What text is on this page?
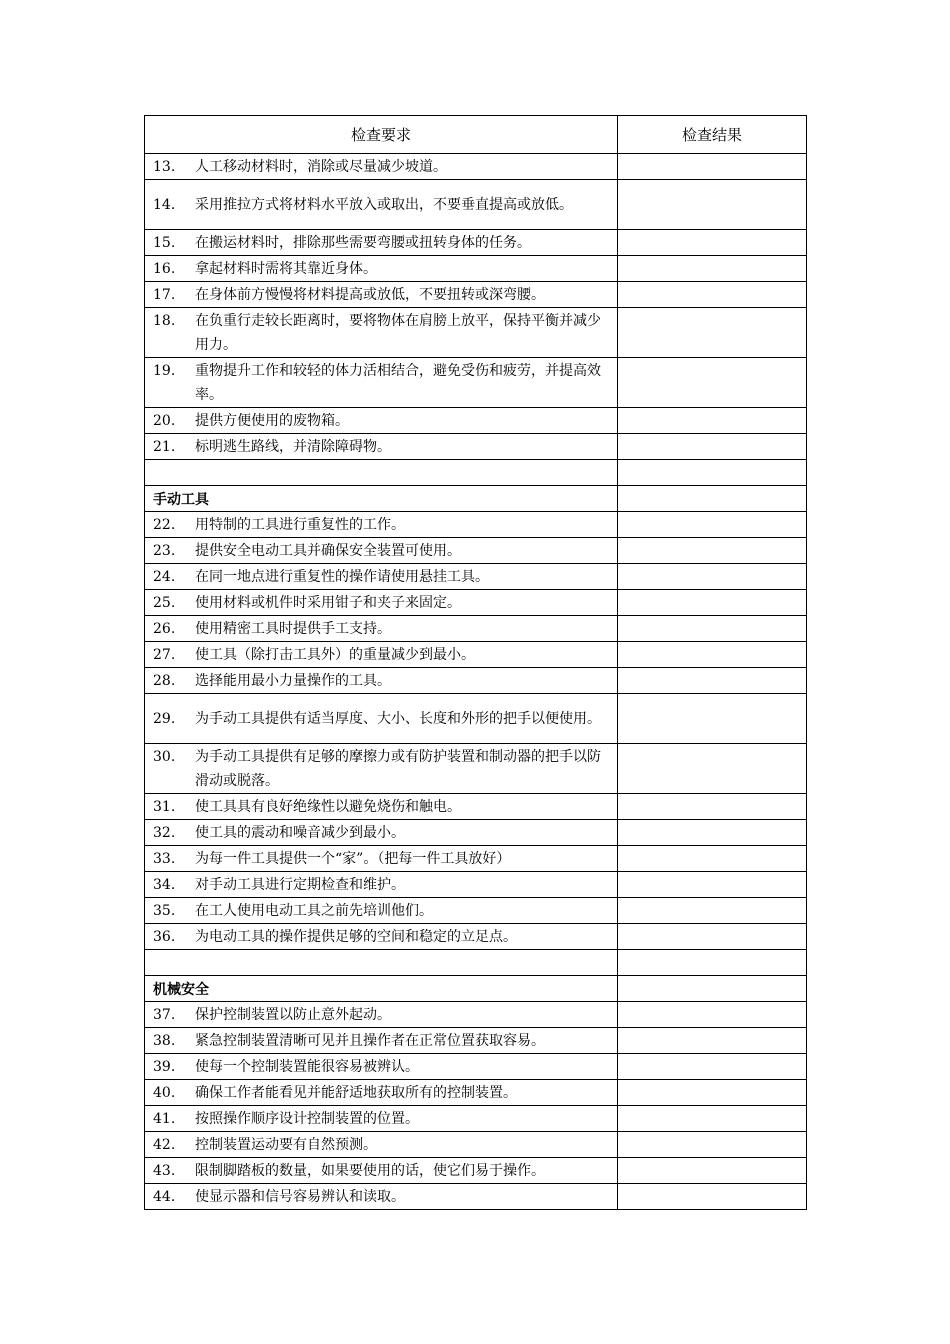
检查要求	检查结果

13. 人工移动材料时，消除或尽量减少坡道。	

14. 采用推拉方式将材料水平放入或取出，不要垂直提高或放低。	

15. 在搬运材料时，排除那些需要弯腰或扭转身体的任务。	

16. 拿起材料时需将其靠近身体。	

17. 在身体前方慢慢将材料提高或放低，不要扭转或深弯腰。	

18. 在负重行走较长距离时，要将物体在肩膀上放平，保持平衡并减少用力。	

19. 重物提升工作和较轻的体力活相结合，避免受伤和疲劳，并提高效率。	

20. 提供方便使用的废物箱。	

21. 标明逃生路线，并清除障碍物。	

手动工具	

22. 用特制的工具进行重复性的工作。	

23. 提供安全电动工具并确保安全装置可使用。	

24. 在同一地点进行重复性的操作请使用悬挂工具。	

25. 使用材料或机件时采用钳子和夹子来固定。	

26. 使用精密工具时提供手工支持。	

27. 使工具（除打击工具外）的重量减少到最小。	

28. 选择能用最小力量操作的工具。	

29. 为手动工具提供有适当厚度、大小、长度和外形的把手以便使用。	

30. 为手动工具提供有足够的摩擦力或有防护装置和制动器的把手以防滑动或脱落。	

31. 使工具具有良好绝缘性以避免烧伤和触电。	

32. 使工具的震动和噪音减少到最小。	

33. 为每一件工具提供一个“家”。（把每一件工具放好）	

34. 对手动工具进行定期检查和维护。	

35. 在工人使用电动工具之前先培训他们。	

36. 为电动工具的操作提供足够的空间和稳定的立足点。	

机械安全	

37. 保护控制装置以防止意外起动。	

38. 紧急控制装置清晰可见并且操作者在正常位置获取容易。	

39. 使每一个控制装置能很容易被辨认。	

40. 确保工作者能看见并能舒适地获取所有的控制装置。	

41. 按照操作顺序设计控制装置的位置。	

42. 控制装置运动要有自然预测。	

43. 限制脚踏板的数量，如果要使用的话，使它们易于操作。	

44. 使显示器和信号容易辨认和读取。	
